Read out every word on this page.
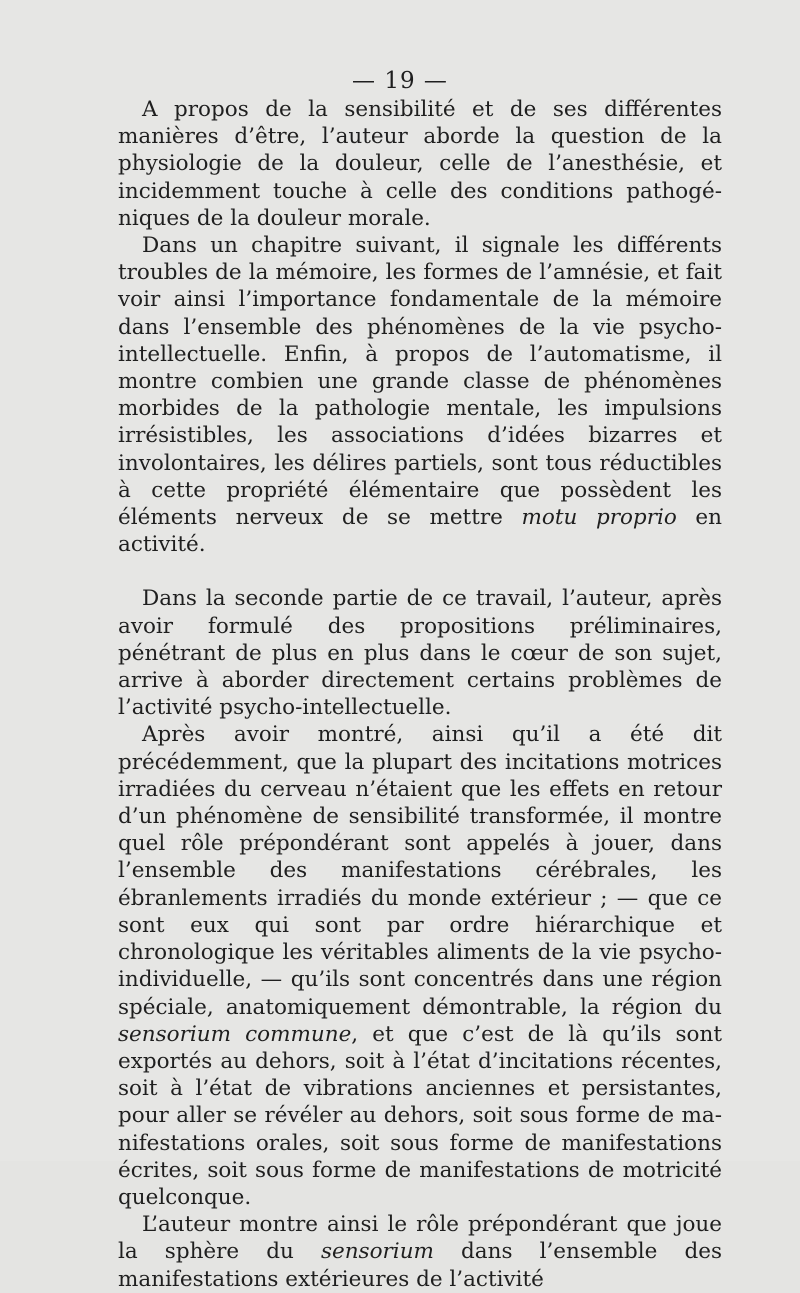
— 19 —

A propos de la sensibilité et de ses différentes manières d’être, l’auteur aborde la question de la physiologie de la douleur, celle de l’anesthésie, et incidemment touche à celle des conditions pathogéniques de la douleur morale.

Dans un chapitre suivant, il signale les différents troubles de la mémoire, les formes de l’amnésie, et fait voir ainsi l’importance fondamentale de la mémoire dans l’ensemble des phénomènes de la vie psycho-intellectuelle. Enfin, à propos de l’automatisme, il montre combien une grande classe de phénomènes morbides de la pathologie mentale, les impulsions irrésistibles, les associations d’idées bizarres et involontaires, les délires partiels, sont tous réductibles à cette propriété élémentaire que possèdent les éléments nerveux de se mettre motu proprio en activité.

Dans la seconde partie de ce travail, l’auteur, après avoir formulé des propositions préliminaires, pénétrant de plus en plus dans le cœur de son sujet, arrive à aborder directement certains problèmes de l’activité psycho-intellectuelle.

Après avoir montré, ainsi qu’il a été dit précédemment, que la plupart des incitations motrices irradiées du cerveau n’étaient que les effets en retour d’un phénomène de sensibilité transformée, il montre quel rôle prépondérant sont appelés à jouer, dans l’ensemble des manifestations cérébrales, les ébranlements irradiés du monde extérieur ; — que ce sont eux qui sont par ordre hiérarchique et chronologique les véritables aliments de la vie psycho-individuelle, — qu’ils sont concentrés dans une région spéciale, anatomiquement démontrable, la région du sensorium commune, et que c’est de là qu’ils sont exportés au dehors, soit à l’état d’incitations récentes, soit à l’état de vibrations anciennes et persistantes, pour aller se révéler au dehors, soit sous forme de manifestations orales, soit sous forme de manifestations écrites, soit sous forme de manifestations de motricité quelconque.

L’auteur montre ainsi le rôle prépondérant que joue la sphère du sensorium dans l’ensemble des manifestations extérieures de l’activité
